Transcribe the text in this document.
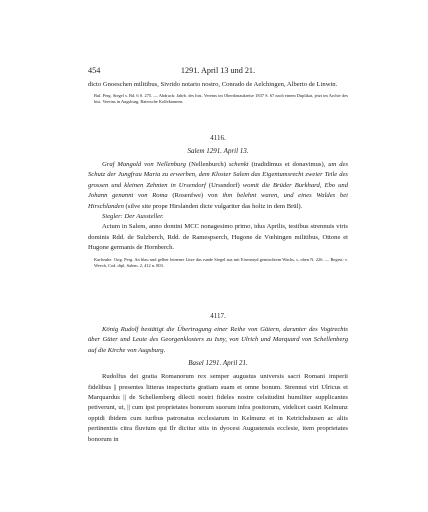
454	1291. April 13 und 21.

dicto Gnoeschen militibus, Sivrido notario nostro, Conrado de Aelchingen, Alberto de Linwin.

Bul. Perg. Siegel s. Bd. 6 S. 275. — Abdruck: Jahrb. des hist. Vereins im Oberdonaukreise 1837 S. 67 nach einem Duplikat, jetzt im Archiv des hist. Vereins in Augsburg, Baiersche Kollektaneen.

4116.

Salem 1291. April 13.

Graf Mangold von Nellenburg (Nellenburch) schenkt (tradidimus et donavimus), um des Schutz der Jungfrau Maria zu erwerben, dem Kloster Salem das Eigentumsrecht zweier Teile des grossen und kleinen Zehnten in Ursendorf (Urssndorf) womit die Brüder Burkhard, Ebo und Johann genannt von Roma (Rosenfwe) von ihm belehnt waren, und eines Waldes bei Hirschlanden (silve site prope Hirslanden dicte vulgariter das holtz in dem Brül).

Siegler: Der Aussteller.

Actum in Salem, anno domini MCC nonagesimo primo, idus Aprilis, testibus strennuis viris dominis Rdd. de Sulzberch, Rdd. de Ramespserch, Hugone de Vœhingen militibus, Ottone et Hugone germanis de Hornberch.

Karlsruhe. Orig. Perg. An blau und gelber leinener Litze das runde Siegel aus mit Eisenrayd gemischtem Wachs, s. oben N. 226. — Regest: v. Weech, Cod. dipl. Salem. 2, 412 n. 803.

4117.

König Rudolf bestätigt die Übertragung einer Reihe von Gütern, darunter des Vogtrechts über Güter und Leute des Georgenklosters zu Isny, von Ulrich und Marquard von Schellenberg auf die Kirche von Augsburg.

Basel 1291. April 21.

Rudolfus dei gratia Romanorum rex semper augustus universis sacri Romani imperii fidelibus || presentes litteras inspecturis gratiam suam et omne bonum. Strennui viri Ulricus et Marquardus || de Schellemberg dilecti nostri fideles nostre celsitudini humiliter supplicantes petiverunt, ut, || cum ipsi proprietates bonorum suorum infra positorum, videlicet castri Kelmunz oppidi ibidem cum iuribus patronatus ecclesiarum in Kelmunz et in Ketrichshusen ac aliis pertinentiis citra fluvium qui Ilr dicitur sitis in dyocesi Augustensis ecclesie, item proprietates bonorum in
